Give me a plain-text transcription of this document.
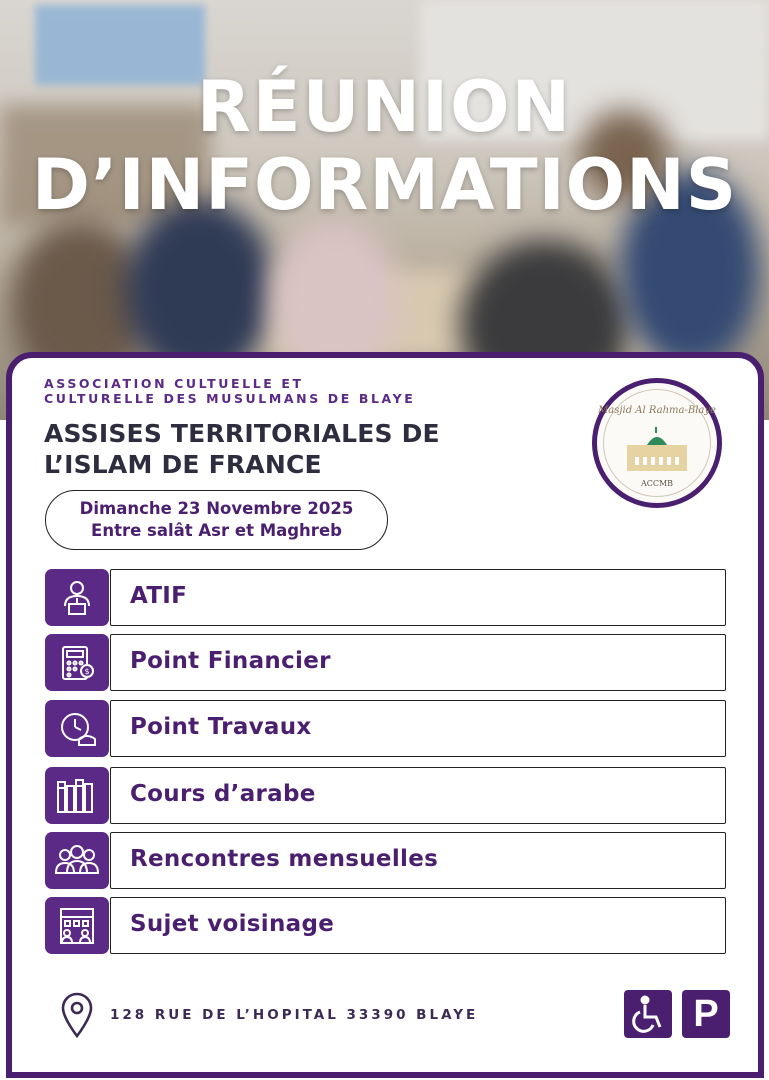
RÉUNION
D’INFORMATIONS
ASSOCIATION CULTUELLE ET
CULTURELLE DES MUSULMANS DE BLAYE
ASSISES TERRITORIALES DE
L’ISLAM DE FRANCE
Dimanche 23 Novembre 2025
Entre salât Asr et Maghreb
Masjid Al Rahma-Blaye
ACCMB
ATIF
$ Point Financier
Point Travaux
Cours d’arabe
Rencontres mensuelles
Sujet voisinage
128 RUE DE L’HOPITAL 33390 BLAYE	P
